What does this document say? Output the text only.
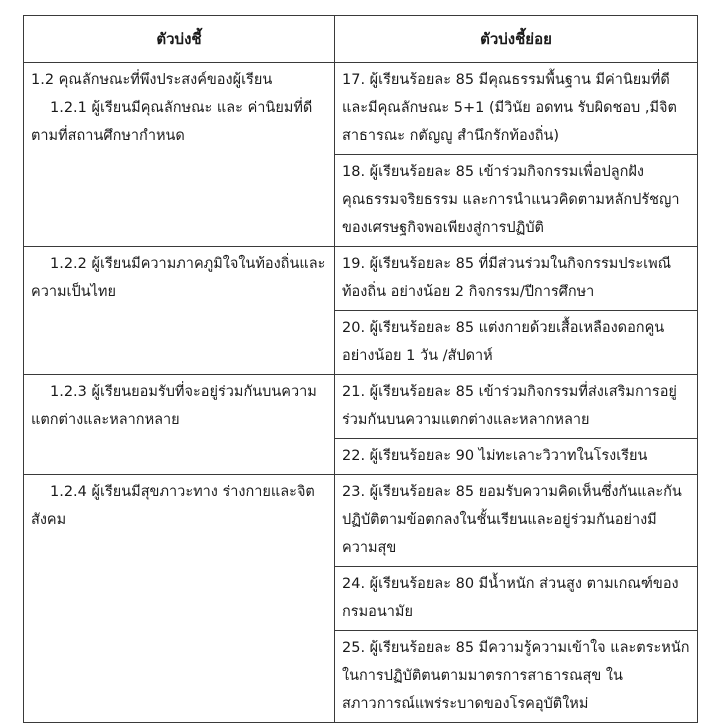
ตัวบ่งชี้	ตัวบ่งชี้ย่อย

1.2 คุณลักษณะที่พึงประสงค์ของผู้เรียน
1.2.1 ผู้เรียนมีคุณลักษณะ และ ค่านิยมที่ดีตามที่สถานศึกษากำหนด	17. ผู้เรียนร้อยละ 85 มีคุณธรรมพื้นฐาน มีค่านิยมที่ดี และมีคุณลักษณะ 5+1 (มีวินัย อดทน รับผิดชอบ ,มีจิตสาธารณะ กตัญญู สำนึกรักท้องถิ่น)
	18. ผู้เรียนร้อยละ 85 เข้าร่วมกิจกรรมเพื่อปลูกฝังคุณธรรมจริยธรรม และการนำแนวคิดตามหลักปรัชญาของเศรษฐกิจพอเพียงสู่การปฏิบัติ

1.2.2 ผู้เรียนมีความภาคภูมิใจในท้องถิ่นและความเป็นไทย	19. ผู้เรียนร้อยละ 85 ที่มีส่วนร่วมในกิจกรรมประเพณีท้องถิ่น อย่างน้อย 2 กิจกรรม/ปีการศึกษา
	20. ผู้เรียนร้อยละ 85 แต่งกายด้วยเสื้อเหลืองดอกคูนอย่างน้อย 1 วัน /สัปดาห์

1.2.3 ผู้เรียนยอมรับที่จะอยู่ร่วมกันบนความแตกต่างและหลากหลาย	21. ผู้เรียนร้อยละ 85 เข้าร่วมกิจกรรมที่ส่งเสริมการอยู่ร่วมกันบนความแตกต่างและหลากหลาย
	22. ผู้เรียนร้อยละ 90 ไม่ทะเลาะวิวาทในโรงเรียน

1.2.4 ผู้เรียนมีสุขภาวะทาง ร่างกายและจิตสังคม	23. ผู้เรียนร้อยละ 85 ยอมรับความคิดเห็นซึ่งกันและกันปฏิบัติตามข้อตกลงในชั้นเรียนและอยู่ร่วมกันอย่างมีความสุข
	24. ผู้เรียนร้อยละ 80 มีน้ำหนัก ส่วนสูง ตามเกณฑ์ของกรมอนามัย
	25. ผู้เรียนร้อยละ 85 มีความรู้ความเข้าใจ และตระหนักในการปฏิบัติตนตามมาตรการสาธารณสุข ในสภาวการณ์แพร่ระบาดของโรคอุบัติใหม่
